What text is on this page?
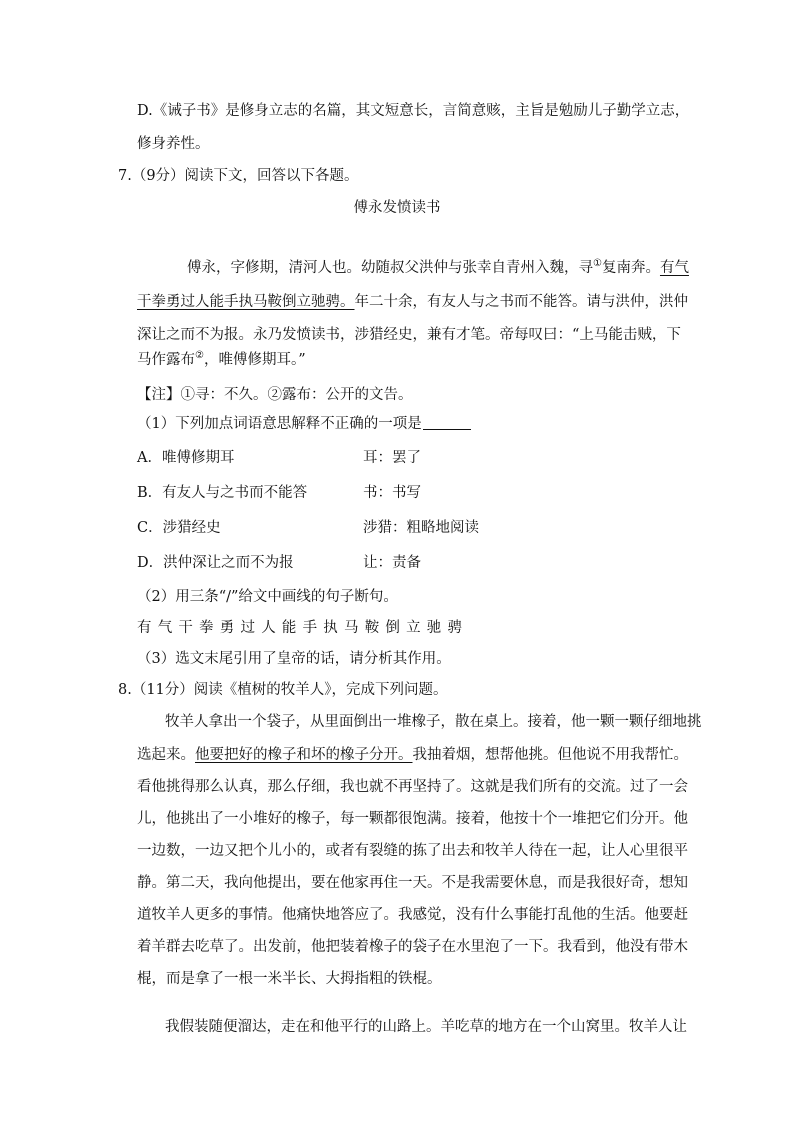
D.《诫子书》是修身立志的名篇，其文短意长，言简意赅，主旨是勉励儿子勤学立志，
修身养性。
7.（9分）阅读下文，回答以下各题。
傅永发愤读书
傅永，字修期，清河人也。幼随叔父洪仲与张幸自青州入魏，寻①复南奔。有气
干拳勇过人能手执马鞍倒立驰骋。年二十余，有友人与之书而不能答。请与洪仲，洪仲
深让之而不为报。永乃发愤读书，涉猎经史，兼有才笔。帝每叹曰：“上马能击贼，下
马作露布②，唯傅修期耳。”
【注】①寻：不久。②露布：公开的文告。
（1）下列加点词语意思解释不正确的一项是
A．唯傅修期耳	耳：罢了
B．有友人与之书而不能答	书：书写
C．涉猎经史	涉猎：粗略地阅读
D．洪仲深让之而不为报	让：责备
（2）用三条“/”给文中画线的句子断句。
有气干拳勇过人能手执马鞍倒立驰骋
（3）选文末尾引用了皇帝的话，请分析其作用。
8.（11分）阅读《植树的牧羊人》，完成下列问题。
牧羊人拿出一个袋子，从里面倒出一堆橡子，散在桌上。接着，他一颗一颗仔细地挑
选起来。他要把好的橡子和坏的橡子分开。我抽着烟，想帮他挑。但他说不用我帮忙。
看他挑得那么认真，那么仔细，我也就不再坚持了。这就是我们所有的交流。过了一会
儿，他挑出了一小堆好的橡子，每一颗都很饱满。接着，他按十个一堆把它们分开。他
一边数，一边又把个儿小的，或者有裂缝的拣了出去和牧羊人待在一起，让人心里很平
静。第二天，我向他提出，要在他家再住一天。不是我需要休息，而是我很好奇，想知
道牧羊人更多的事情。他痛快地答应了。我感觉，没有什么事能打乱他的生活。他要赶
着羊群去吃草了。出发前，他把装着橡子的袋子在水里泡了一下。我看到，他没有带木
棍，而是拿了一根一米半长、大拇指粗的铁棍。
我假装随便溜达，走在和他平行的山路上。羊吃草的地方在一个山窝里。牧羊人让
